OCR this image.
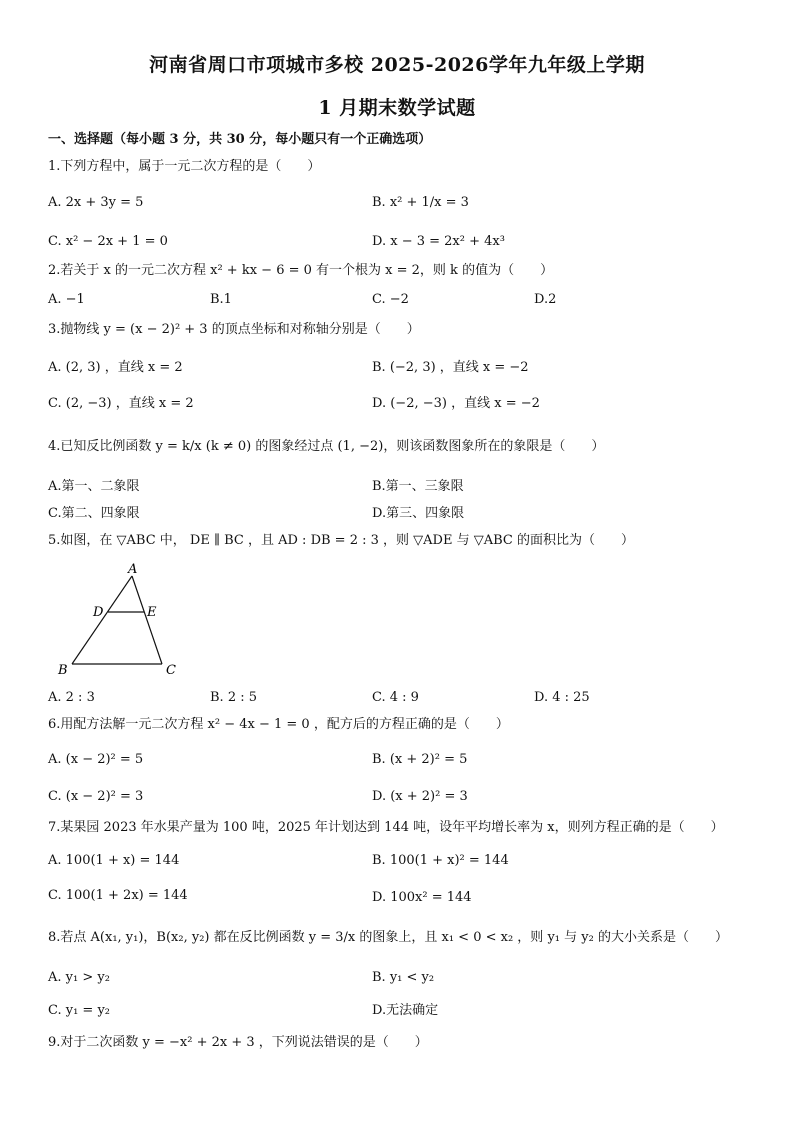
河南省周口市项城市多校 2025-2026学年九年级上学期
1 月期末数学试题
一、选择题（每小题 3 分，共 30 分，每小题只有一个正确选项）
1.下列方程中，属于一元二次方程的是（　　）
A. 2x + 3y = 5	B. x² + 1/x = 3
C. x² − 2x + 1 = 0	D. x − 3 = 2x² + 4x³
2.若关于 x 的一元二次方程 x² + kx − 6 = 0 有一个根为 x = 2，则 k 的值为（　　）
A. −1	B.1	C. −2	D.2
3.抛物线 y = (x − 2)² + 3 的顶点坐标和对称轴分别是（　　）
A. (2, 3) ，直线 x = 2	B. (−2, 3) ，直线 x = −2
C. (2, −3) ，直线 x = 2	D. (−2, −3) ，直线 x = −2
4.已知反比例函数 y = k/x (k ≠ 0) 的图象经过点 (1, −2)，则该函数图象所在的象限是（　　）
A.第一、二象限	B.第一、三象限
C.第二、四象限	D.第三、四象限
5.如图，在 ▽ABC 中， DE ∥ BC ，且 AD : DB = 2 : 3 ，则 ▽ADE 与 ▽ABC 的面积比为（　　）
A
D	E
B	C
A. 2 : 3	B. 2 : 5	C. 4 : 9	D. 4 : 25
6.用配方法解一元二次方程 x² − 4x − 1 = 0 ，配方后的方程正确的是（　　）
A. (x − 2)² = 5	B. (x + 2)² = 5
C. (x − 2)² = 3	D. (x + 2)² = 3
7.某果园 2023 年水果产量为 100 吨，2025 年计划达到 144 吨，设年平均增长率为 x，则列方程正确的是（　　）
A. 100(1 + x) = 144	B. 100(1 + x)² = 144
C. 100(1 + 2x) = 144	D. 100x² = 144
8.若点 A(x₁, y₁)，B(x₂, y₂) 都在反比例函数 y = 3/x 的图象上，且 x₁ < 0 < x₂ ，则 y₁ 与 y₂ 的大小关系是（　　）
A. y₁ > y₂	B. y₁ < y₂
C. y₁ = y₂	D.无法确定
9.对于二次函数 y = −x² + 2x + 3 ，下列说法错误的是（　　）
